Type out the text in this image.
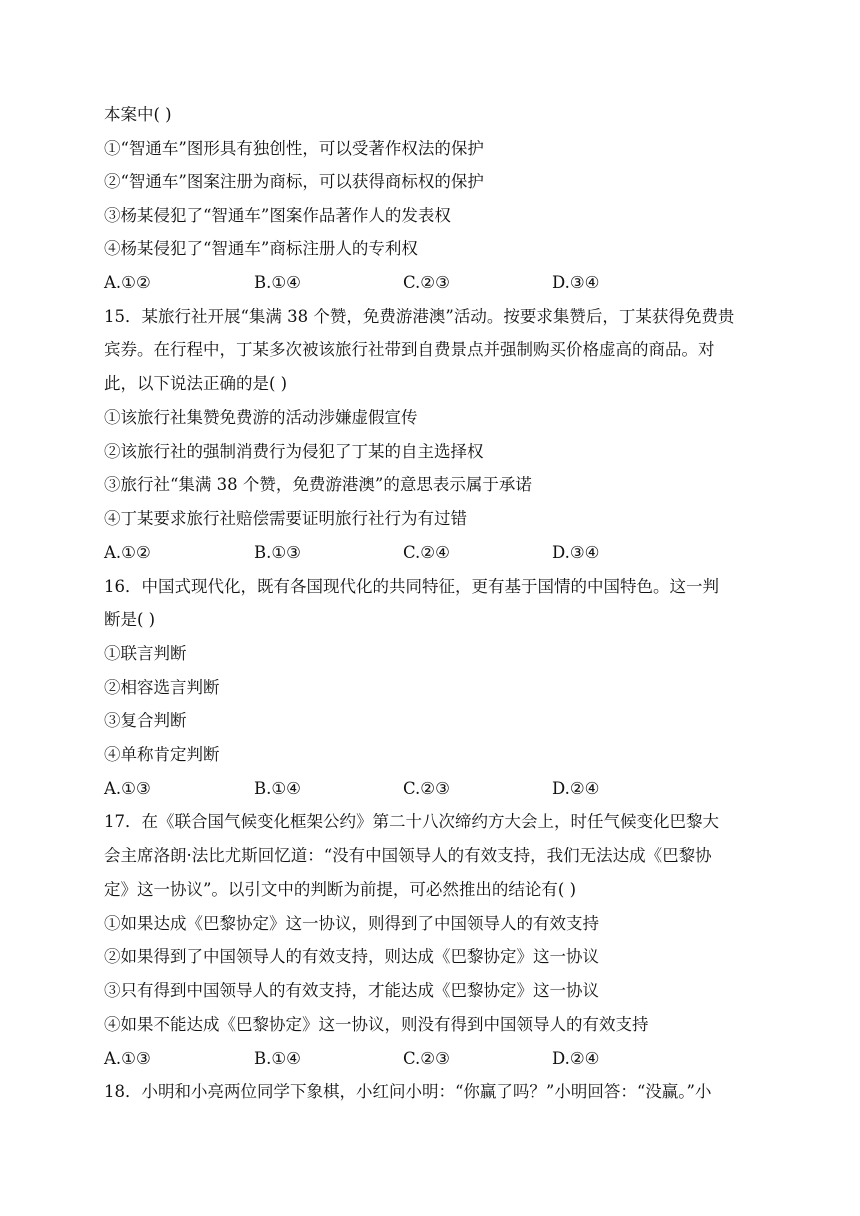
本案中( )
①“智通车”图形具有独创性，可以受著作权法的保护
②“智通车”图案注册为商标，可以获得商标权的保护
③杨某侵犯了“智通车”图案作品著作人的发表权
④杨某侵犯了“智通车”商标注册人的专利权
A.①②	B.①④	C.②③	D.③④
15．某旅行社开展“集满 38 个赞，免费游港澳”活动。按要求集赞后，丁某获得免费贵
宾券。在行程中，丁某多次被该旅行社带到自费景点并强制购买价格虚高的商品。对
此，以下说法正确的是( )
①该旅行社集赞免费游的活动涉嫌虚假宣传
②该旅行社的强制消费行为侵犯了丁某的自主选择权
③旅行社“集满 38 个赞，免费游港澳”的意思表示属于承诺
④丁某要求旅行社赔偿需要证明旅行社行为有过错
A.①②	B.①③	C.②④	D.③④
16．中国式现代化，既有各国现代化的共同特征，更有基于国情的中国特色。这一判
断是( )
①联言判断
②相容选言判断
③复合判断
④单称肯定判断
A.①③	B.①④	C.②③	D.②④
17．在《联合国气候变化框架公约》第二十八次缔约方大会上，时任气候变化巴黎大
会主席洛朗·法比尤斯回忆道：“没有中国领导人的有效支持，我们无法达成《巴黎协
定》这一协议”。以引文中的判断为前提，可必然推出的结论有( )
①如果达成《巴黎协定》这一协议，则得到了中国领导人的有效支持
②如果得到了中国领导人的有效支持，则达成《巴黎协定》这一协议
③只有得到中国领导人的有效支持，才能达成《巴黎协定》这一协议
④如果不能达成《巴黎协定》这一协议，则没有得到中国领导人的有效支持
A.①③	B.①④	C.②③	D.②④
18．小明和小亮两位同学下象棋，小红问小明：“你赢了吗？”小明回答：“没赢。”小
